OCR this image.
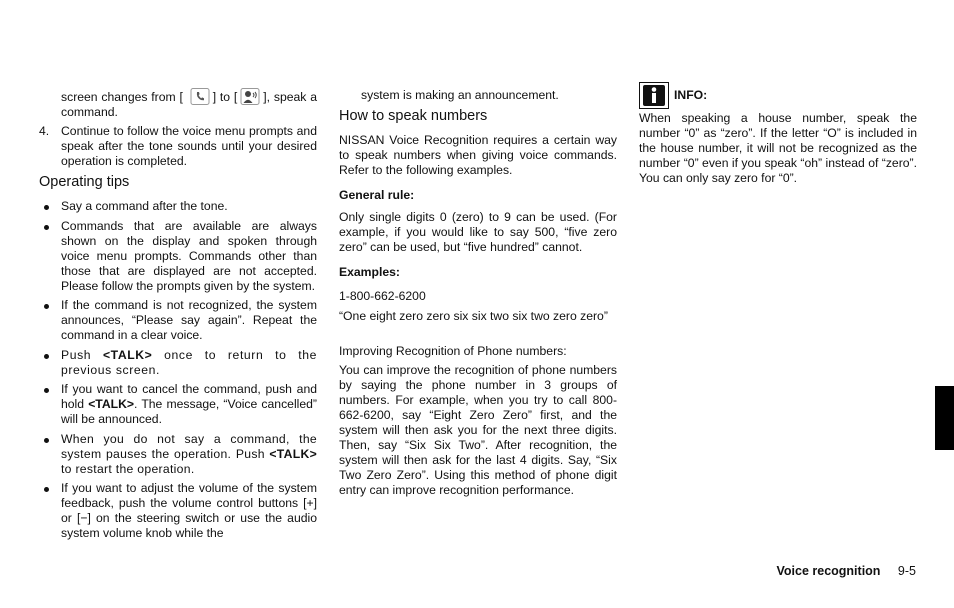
screen changes from [ ] to [ ], speak a command.

4. Continue to follow the voice menu prompts and speak after the tone sounds until your desired operation is completed.

Operating tips
Say a command after the tone.
Commands that are available are always shown on the display and spoken through voice menu prompts. Commands other than those that are displayed are not accepted. Please follow the prompts given by the system.
If the command is not recognized, the system announces, “Please say again”. Repeat the command in a clear voice.
Push <TALK> once to return to the previous screen.
If you want to cancel the command, push and hold <TALK>. The message, “Voice cancelled” will be announced.
When you do not say a command, the system pauses the operation. Push <TALK> to restart the operation.
If you want to adjust the volume of the system feedback, push the volume control buttons [+] or [−] on the steering switch or use the audio system volume knob while the

system is making an announcement.

How to speak numbers

NISSAN Voice Recognition requires a certain way to speak numbers when giving voice commands. Refer to the following examples.

General rule:

Only single digits 0 (zero) to 9 can be used. (For example, if you would like to say 500, “five zero zero” can be used, but “five hundred” cannot.

Examples:

1-800-662-6200

“One eight zero zero six six two six two zero zero”

Improving Recognition of Phone numbers:

You can improve the recognition of phone numbers by saying the phone number in 3 groups of numbers. For example, when you try to call 800-662-6200, say “Eight Zero Zero” first, and the system will then ask you for the next three digits. Then, say “Six Six Two”. After recognition, the system will then ask for the last 4 digits. Say, “Six Two Zero Zero”. Using this method of phone digit entry can improve recognition performance.

INFO:

When speaking a house number, speak the number “0” as “zero”. If the letter “O” is included in the house number, it will not be recognized as the number “0” even if you speak “oh” instead of “zero”. You can only say zero for “0”.

Voice recognition 9-5
